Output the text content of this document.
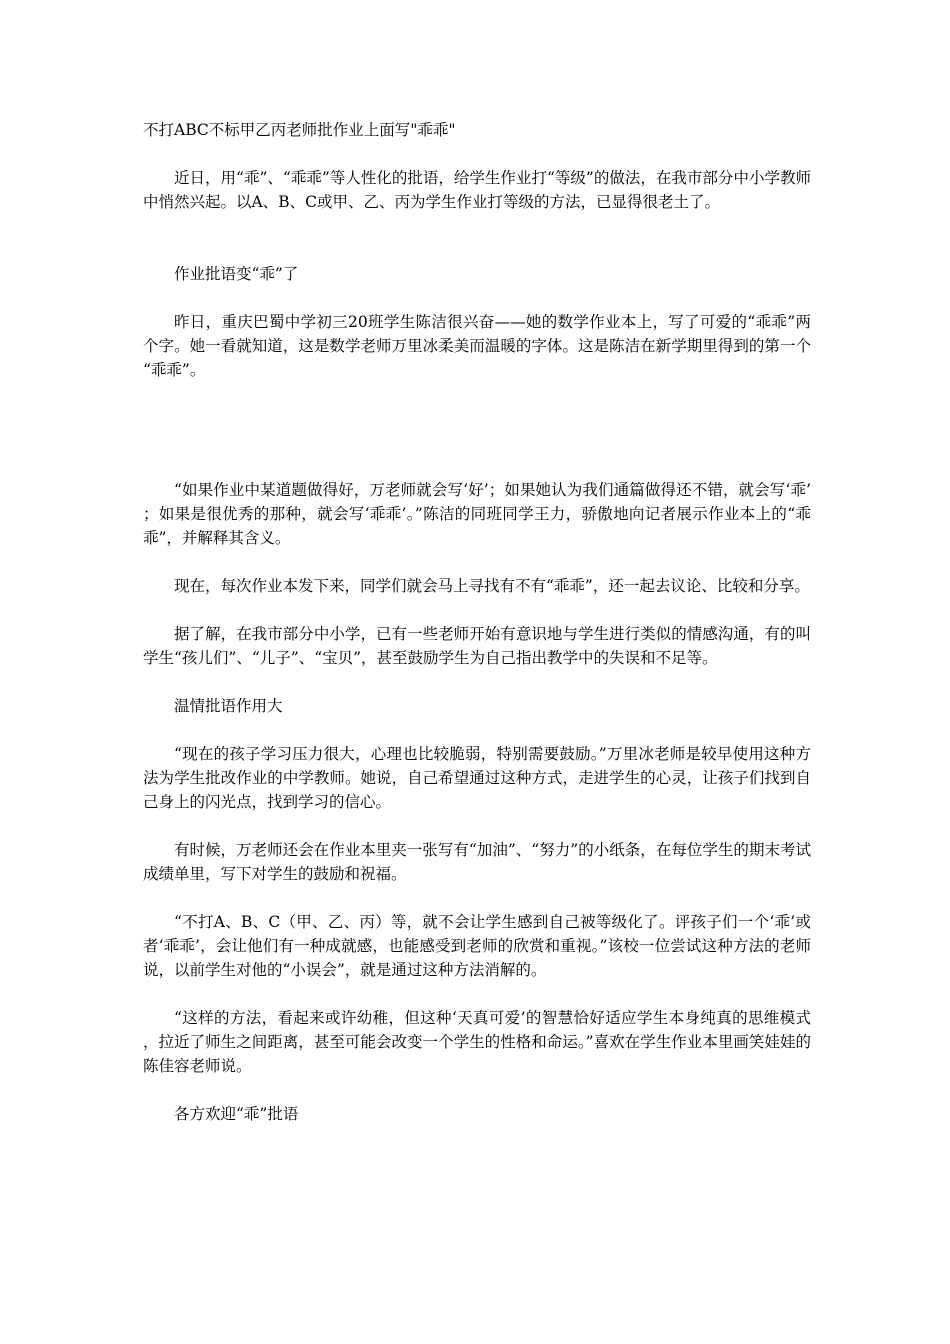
不打ABC不标甲乙丙老师批作业上面写"乖乖"

近日，用“乖”、“乖乖”等人性化的批语，给学生作业打“等级”的做法，在我市部分中小学教师中悄然兴起。以A、B、C或甲、乙、丙为学生作业打等级的方法，已显得很老土了。

作业批语变“乖”了

昨日，重庆巴蜀中学初三20班学生陈洁很兴奋——她的数学作业本上，写了可爱的“乖乖”两个字。她一看就知道，这是数学老师万里冰柔美而温暖的字体。这是陈洁在新学期里得到的第一个“乖乖”。

“如果作业中某道题做得好，万老师就会写‘好’；如果她认为我们通篇做得还不错，就会写‘乖’；如果是很优秀的那种，就会写‘乖乖’。”陈洁的同班同学王力，骄傲地向记者展示作业本上的“乖乖”，并解释其含义。

现在，每次作业本发下来，同学们就会马上寻找有不有“乖乖”，还一起去议论、比较和分享。

据了解，在我市部分中小学，已有一些老师开始有意识地与学生进行类似的情感沟通，有的叫学生“孩儿们”、“儿子”、“宝贝”，甚至鼓励学生为自己指出教学中的失误和不足等。

温情批语作用大

“现在的孩子学习压力很大，心理也比较脆弱，特别需要鼓励。”万里冰老师是较早使用这种方法为学生批改作业的中学教师。她说，自己希望通过这种方式，走进学生的心灵，让孩子们找到自己身上的闪光点，找到学习的信心。

有时候，万老师还会在作业本里夹一张写有“加油”、“努力”的小纸条，在每位学生的期末考试成绩单里，写下对学生的鼓励和祝福。

“不打A、B、C（甲、乙、丙）等，就不会让学生感到自己被等级化了。评孩子们一个‘乖’或者‘乖乖’，会让他们有一种成就感，也能感受到老师的欣赏和重视。”该校一位尝试这种方法的老师说，以前学生对他的“小误会”，就是通过这种方法消解的。

“这样的方法，看起来或许幼稚，但这种‘天真可爱’的智慧恰好适应学生本身纯真的思维模式，拉近了师生之间距离，甚至可能会改变一个学生的性格和命运。”喜欢在学生作业本里画笑娃娃的陈佳容老师说。

各方欢迎“乖”批语
